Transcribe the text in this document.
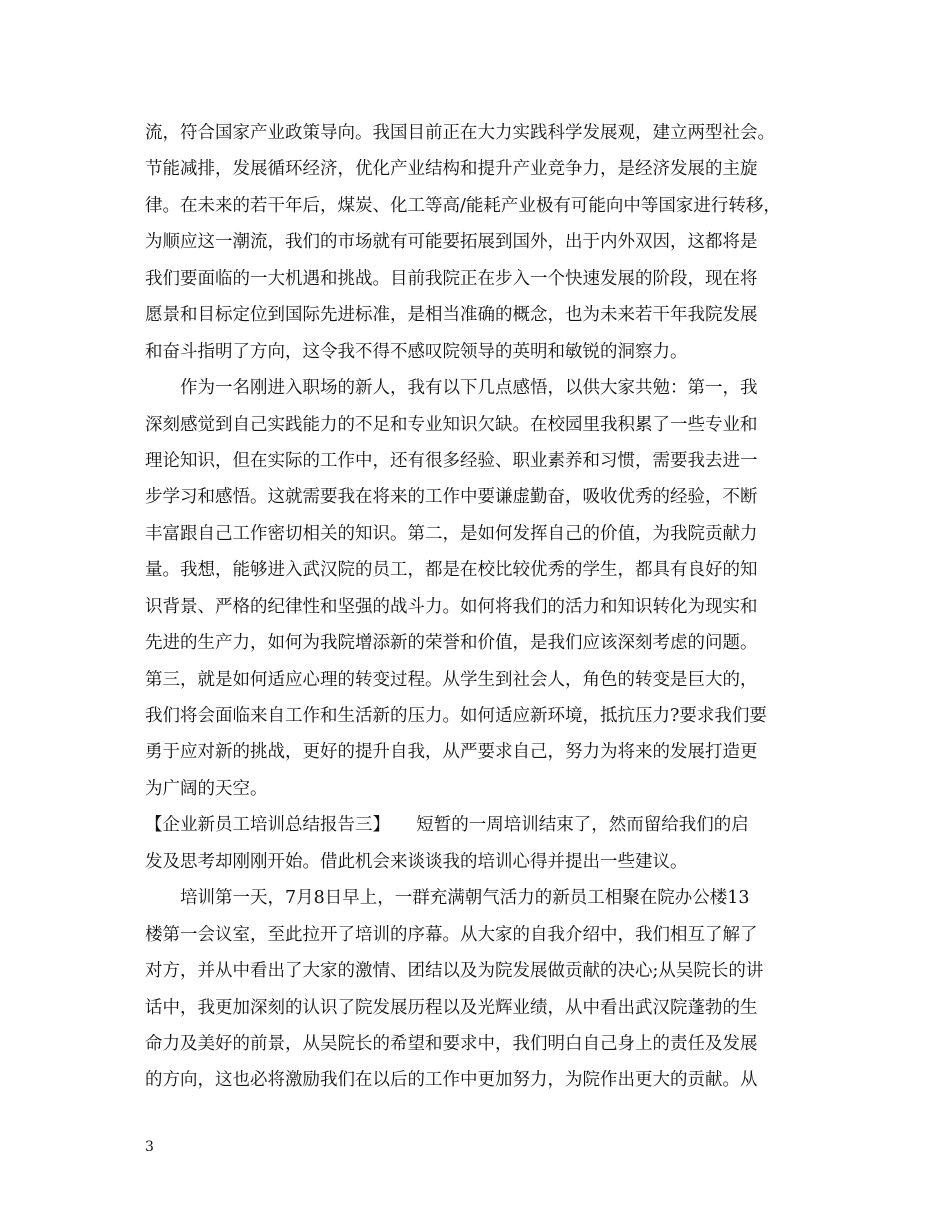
流，符合国家产业政策导向。我国目前正在大力实践科学发展观，建立两型社会。
节能减排，发展循环经济，优化产业结构和提升产业竞争力，是经济发展的主旋
律。在未来的若干年后，煤炭、化工等高/能耗产业极有可能向中等国家进行转移，
为顺应这一潮流，我们的市场就有可能要拓展到国外，出于内外双因，这都将是
我们要面临的一大机遇和挑战。目前我院正在步入一个快速发展的阶段，现在将
愿景和目标定位到国际先进标准，是相当准确的概念，也为未来若干年我院发展
和奋斗指明了方向，这令我不得不感叹院领导的英明和敏锐的洞察力。
　　作为一名刚进入职场的新人，我有以下几点感悟，以供大家共勉：第一，我
深刻感觉到自己实践能力的不足和专业知识欠缺。在校园里我积累了一些专业和
理论知识，但在实际的工作中，还有很多经验、职业素养和习惯，需要我去进一
步学习和感悟。这就需要我在将来的工作中要谦虚勤奋，吸收优秀的经验，不断
丰富跟自己工作密切相关的知识。第二，是如何发挥自己的价值，为我院贡献力
量。我想，能够进入武汉院的员工，都是在校比较优秀的学生，都具有良好的知
识背景、严格的纪律性和坚强的战斗力。如何将我们的活力和知识转化为现实和
先进的生产力，如何为我院增添新的荣誉和价值，是我们应该深刻考虑的问题。
第三，就是如何适应心理的转变过程。从学生到社会人，角色的转变是巨大的，
我们将会面临来自工作和生活新的压力。如何适应新环境，抵抗压力?要求我们要
勇于应对新的挑战，更好的提升自我，从严要求自己，努力为将来的发展打造更
为广阔的天空。
【企业新员工培训总结报告三】　　短暂的一周培训结束了，然而留给我们的启
发及思考却刚刚开始。借此机会来谈谈我的培训心得并提出一些建议。
　　培训第一天，7月8日早上，一群充满朝气活力的新员工相聚在院办公楼13
楼第一会议室，至此拉开了培训的序幕。从大家的自我介绍中，我们相互了解了
对方，并从中看出了大家的激情、团结以及为院发展做贡献的决心;从吴院长的讲
话中，我更加深刻的认识了院发展历程以及光辉业绩，从中看出武汉院蓬勃的生
命力及美好的前景，从吴院长的希望和要求中，我们明白自己身上的责任及发展
的方向，这也必将激励我们在以后的工作中更加努力，为院作出更大的贡献。从
3
